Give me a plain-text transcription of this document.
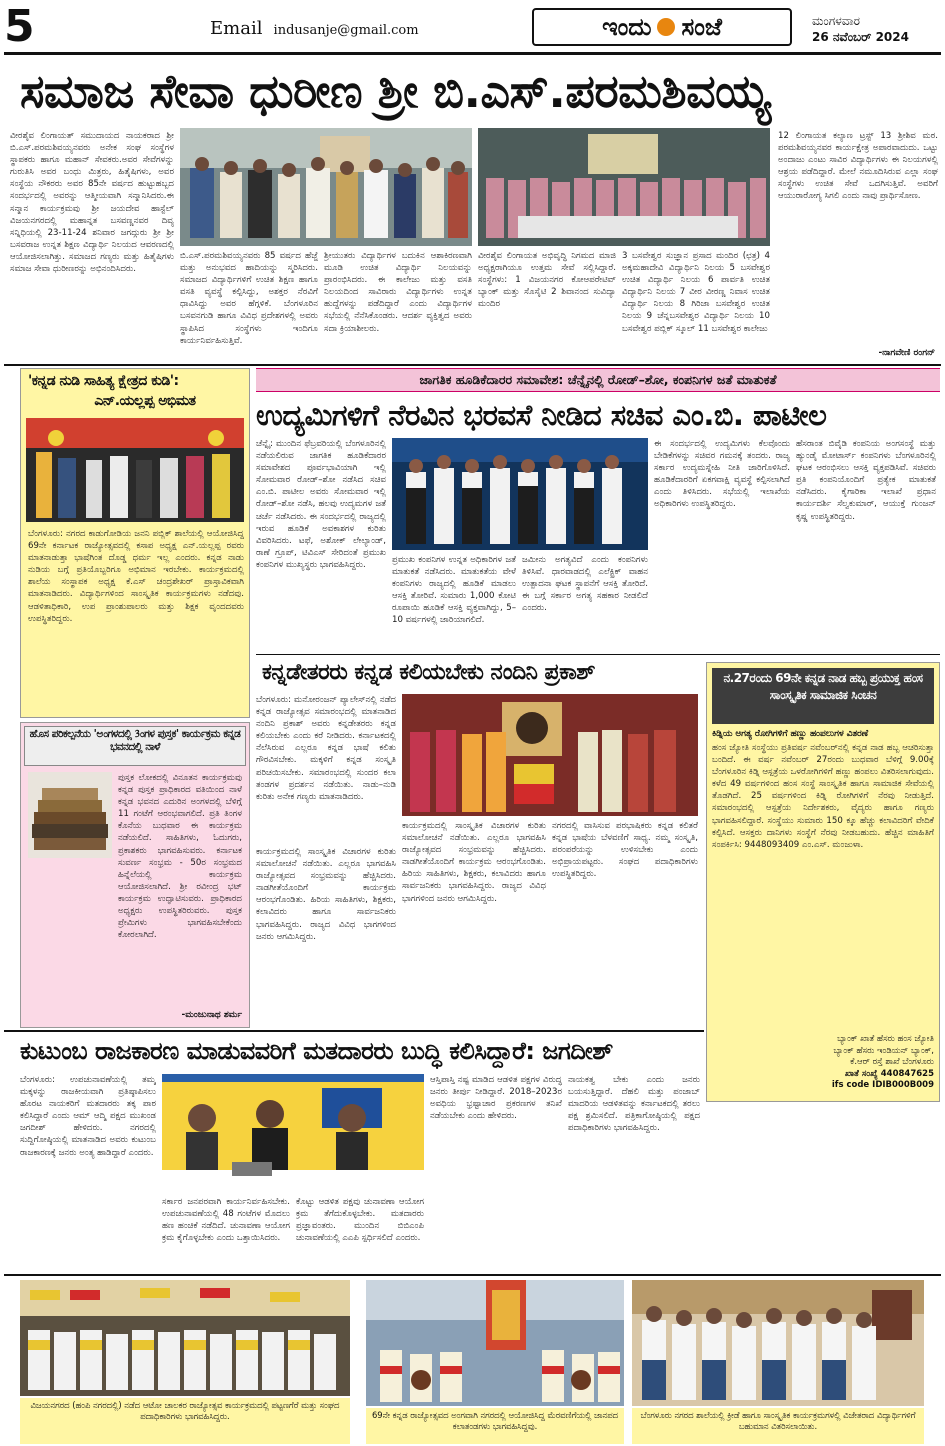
5	Email indusanje@gmail.com	ಇಂದು ಸಂಜೆ	ಮಂಗಳವಾರ
26 ನವೆಂಬರ್ 2024
ಸಮಾಜ ಸೇವಾ ಧುರೀಣ ಶ್ರೀ ಬಿ.ಎಸ್.ಪರಮಶಿವಯ್ಯ
ವೀರಶೈವ ಲಿಂಗಾಯತ್ ಸಮುದಾಯದ ನಾಯಕರಾದ ಶ್ರೀ ಬಿ.ಎಸ್.ಪರಮಶಿವಯ್ಯನವರು ಅನೇಕ ಸಂಘ ಸಂಸ್ಥೆಗಳ ಸ್ಥಾಪಕರು ಹಾಗೂ ಮಹಾನ್ ಸೇವಕರು.ಅವರ ಸೇವೆಗಳನ್ನು ಗುರುತಿಸಿ ಅವರ ಬಂಧು ಮಿತ್ರರು, ಹಿತೈಷಿಗಳು, ಅವರ ಸಂಸ್ಥೆಯ ನೌಕರರು ಅವರ 85ನೇ ವರ್ಷದ ಹುಟ್ಟುಹಬ್ಬದ ಸಂದರ್ಭದಲ್ಲಿ ಅವರನ್ನು ಆತ್ಮೀಯವಾಗಿ ಸನ್ಮಾನಿಸಿದರು.ಈ ಸನ್ಮಾನ ಕಾರ್ಯಕ್ರಮವು ಶ್ರೀ ಜಯದೇವ ಹಾಸ್ಟೆಲ್ ವಿಜಯನಗರದಲ್ಲಿ ಮಹಾನ್ನತ ಬಸವಣ್ಣನವರ ದಿವ್ಯ ಸನ್ನಿಧಿಯಲ್ಲಿ 23-11-24 ಶನಿವಾರ ಜಗದ್ಗುರು ಶ್ರೀ ಶ್ರೀ ಬಸವರಾಜ ಉನ್ನತ ಶಿಕ್ಷಣ ವಿದ್ಯಾರ್ಥಿ ನಿಲಯದ ಆವರಣದಲ್ಲಿ ಆಯೋಜಿಸಲಾಗಿತ್ತು. ಸಮಾಜದ ಗಣ್ಯರು ಮತ್ತು ಹಿತೈಷಿಗಳು ಸಮಾಜ ಸೇವಾ ಧುರೀಣರನ್ನು ಅಭಿನಂದಿಸಿದರು.
12 ಲಿಂಗಾಯತ ಕಲ್ಯಾಣ ಟ್ರಸ್ಟ್ 13 ಶ್ರೀಶಿವ ಮಠ. ಪರಮಶಿವಯ್ಯನವರ ಕಾರ್ಯಕ್ಷೇತ್ರ ಅಪಾರವಾದುದು. ಒಟ್ಟು ಅಂದಾಜು ಎಂಟು ಸಾವಿರ ವಿದ್ಯಾರ್ಥಿಗಳು ಈ ನಿಲಯಗಳಲ್ಲಿ ಆಶ್ರಯ ಪಡೆದಿದ್ದಾರೆ. ಮೇಲೆ ನಮೂದಿಸಿರುವ ಎಲ್ಲಾ ಸಂಘ ಸಂಸ್ಥೆಗಳು ಉಚಿತ ಸೇವೆ ಒದಗಿಸುತ್ತಿವೆ. ಅವರಿಗೆ ಆಯುರಾರೋಗ್ಯ ಸಿಗಲಿ ಎಂದು ನಾವು ಪ್ರಾರ್ಥಿಸೋಣ.
ಬಿ.ಎಸ್.ಪರಮಶಿವಯ್ಯನವರು 85 ವರ್ಷದ ಹೆಜ್ಜೆ ಮತ್ತು ಅನುಭವದ ಹಾದಿಯನ್ನು ಸ್ಮರಿಸಿದರು. ಸಮಾಜದ ವಿದ್ಯಾರ್ಥಿಗಳಿಗೆ ಉಚಿತ ಶಿಕ್ಷಣ ಹಾಗೂ ವಸತಿ ವ್ಯವಸ್ಥೆ ಕಲ್ಪಿಸಿದ್ದು, ಅಶಕ್ತರ ನೆರವಿಗೆ ಧಾವಿಸಿದ್ದು ಅವರ ಹೆಗ್ಗಳಿಕೆ. ಬೆಂಗಳೂರಿನ ಬಸವನಗುಡಿ ಹಾಗೂ ವಿವಿಧ ಪ್ರದೇಶಗಳಲ್ಲಿ ಅವರು ಸ್ಥಾಪಿಸಿದ ಸಂಸ್ಥೆಗಳು ಇಂದಿಗೂ ಕಾರ್ಯನಿರ್ವಹಿಸುತ್ತಿವೆ.
ಶ್ರೀಯುತರು ವಿದ್ಯಾರ್ಥಿಗಳ ಬದುಕಿನ ಆಶಾಕಿರಣವಾಗಿ ಮೂಡಿ ಉಚಿತ ವಿದ್ಯಾರ್ಥಿ ನಿಲಯವನ್ನು ಪ್ರಾರಂಭಿಸಿದರು. ಈ ಕಾಲೇಜು ಮತ್ತು ವಸತಿ ನಿಲಯದಿಂದ ಸಾವಿರಾರು ವಿದ್ಯಾರ್ಥಿಗಳು ಉನ್ನತ ಹುದ್ದೆಗಳನ್ನು ಪಡೆದಿದ್ದಾರೆ ಎಂದು ವಿದ್ಯಾರ್ಥಿಗಳ ಸಭೆಯಲ್ಲಿ ನೆನೆಸಿಕೊಂಡರು. ಆದರ್ಶ ವ್ಯಕ್ತಿತ್ವದ ಅವರು ಸದಾ ಕ್ರಿಯಾಶೀಲರು.
ವೀರಶೈವ ಲಿಂಗಾಯತ ಅಭಿವೃದ್ಧಿ ನಿಗಮದ ಮಾಜಿ ಅಧ್ಯಕ್ಷರಾಗಿಯೂ ಉತ್ತಮ ಸೇವೆ ಸಲ್ಲಿಸಿದ್ದಾರೆ. ಸಂಸ್ಥೆಗಳು: 1 ವಿಜಯನಗರ ಕೋಆಪರೇಟಿವ್ ಬ್ಯಾಂಕ್ ಮತ್ತು ಸೊಸೈಟಿ 2 ಶಿವಾನಂದ ಸುವಿದ್ಯಾ ಮಂದಿರ
3 ಬಸವೇಶ್ವರ ಸುಜ್ಞಾನ ಪ್ರಸಾದ ಮಂದಿರ (ಛತ್ರ) 4 ಅಕ್ಕಮಹಾದೇವಿ ವಿದ್ಯಾರ್ಥಿನಿ ನಿಲಯ 5 ಬಸವೇಶ್ವರ ಉಚಿತ ವಿದ್ಯಾರ್ಥಿ ನಿಲಯ 6 ಪಾರ್ವತಿ ಉಚಿತ ವಿದ್ಯಾರ್ಥಿನಿ ನಿಲಯ 7 ವೀರ ವೀರಣ್ಣ ನಿವಾಸ ಉಚಿತ ವಿದ್ಯಾರ್ಥಿ ನಿಲಯ 8 ಗಿರಿಜಾ ಬಸವೇಶ್ವರ ಉಚಿತ ನಿಲಯ 9 ಚೆನ್ನಬಸವೇಶ್ವರ ವಿದ್ಯಾರ್ಥಿ ನಿಲಯ 10 ಬಸವೇಶ್ವರ ಪಬ್ಲಿಕ್ ಸ್ಕೂಲ್ 11 ಬಸವೇಶ್ವರ ಕಾಲೇಜು
-ನಾಗವೇಣಿ ರಂಗನ್
'ಕನ್ನಡ ನುಡಿ ಸಾಹಿತ್ಯ ಕ್ಷೇತ್ರದ ಕುಡಿ':
ಎನ್.ಯಲ್ಲಪ್ಪ ಅಭಿಮತ
ಬೆಂಗಳೂರು: ನಗರದ ಕಾಡುಗೋಡಿಯ ಜನನಿ ಪಬ್ಲಿಕ್ ಶಾಲೆಯಲ್ಲಿ ಆಯೋಜಿಸಿದ್ದ 69ನೇ ಕರ್ನಾಟಕ ರಾಜ್ಯೋತ್ಸವದಲ್ಲಿ ಕಸಾಪ ಅಧ್ಯಕ್ಷ ಎನ್.ಯಲ್ಲಪ್ಪ ರವರು ಮಾತನಾಡುತ್ತಾ ಭಾಷೆಗಿಂತ ದೊಡ್ಡ ಧರ್ಮ ಇಲ್ಲ ಎಂದರು. ಕನ್ನಡ ನಾಡು ನುಡಿಯ ಬಗ್ಗೆ ಪ್ರತಿಯೊಬ್ಬರಿಗೂ ಅಭಿಮಾನ ಇರಬೇಕು. ಕಾರ್ಯಕ್ರಮದಲ್ಲಿ ಶಾಲೆಯ ಸಂಸ್ಥಾಪಕ ಅಧ್ಯಕ್ಷ ಕೆ.ಎಸ್ ಚಂದ್ರಶೇಖರ್ ಪ್ರಾಸ್ತಾವಿಕವಾಗಿ ಮಾತನಾಡಿದರು. ವಿದ್ಯಾರ್ಥಿಗಳಿಂದ ಸಾಂಸ್ಕೃತಿಕ ಕಾರ್ಯಕ್ರಮಗಳು ನಡೆದವು. ಆಡಳಿತಾಧಿಕಾರಿ, ಉಪ ಪ್ರಾಂಶುಪಾಲರು ಮತ್ತು ಶಿಕ್ಷಕ ವೃಂದದವರು ಉಪಸ್ಥಿತರಿದ್ದರು.
ಜಾಗತಿಕ ಹೂಡಿಕೆದಾರರ ಸಮಾವೇಶ: ಚೆನ್ನೈನಲ್ಲಿ ರೋಡ್–ಶೋ, ಕಂಪನಿಗಳ ಜತೆ ಮಾತುಕತೆ
ಉದ್ಯಮಿಗಳಿಗೆ ನೆರವಿನ ಭರವಸೆ ನೀಡಿದ ಸಚಿವ ಎಂ.ಬಿ. ಪಾಟೀಲ
ಚೆನ್ನೈ: ಮುಂದಿನ ಫೆಬ್ರವರಿಯಲ್ಲಿ ಬೆಂಗಳೂರಿನಲ್ಲಿ ನಡೆಯಲಿರುವ ಜಾಗತಿಕ ಹೂಡಿಕೆದಾರರ ಸಮಾವೇಶದ ಪೂರ್ವಭಾವಿಯಾಗಿ ಇಲ್ಲಿ ಸೋಮವಾರ ರೋಡ್–ಶೋ ನಡೆಸಿದ ಸಚಿವ ಎಂ.ಬಿ. ಪಾಟೀಲ ಅವರು ಸೋಮವಾರ ಇಲ್ಲಿ ರೋಡ್–ಶೋ ನಡೆಸಿ, ಹಲವು ಉದ್ಯಮಗಳ ಜತೆ ಚರ್ಚೆ ನಡೆಸಿದರು. ಈ ಸಂದರ್ಭದಲ್ಲಿ ರಾಜ್ಯದಲ್ಲಿ ಇರುವ ಹೂಡಿಕೆ ಅವಕಾಶಗಳ ಕುರಿತು ವಿವರಿಸಿದರು. ಟಫೆ, ಅಶೋಕ್ ಲೇಲ್ಯಾಂಡ್, ರಾಣೆ ಗ್ರೂಪ್, ಟಿವಿಎಸ್ ಸೇರಿದಂತೆ ಪ್ರಮುಖ ಕಂಪನಿಗಳ ಮುಖ್ಯಸ್ಥರು ಭಾಗವಹಿಸಿದ್ದರು.	ಪ್ರಮುಖ ಕಂಪನಿಗಳ ಉನ್ನತ ಅಧಿಕಾರಿಗಳ ಜತೆ ಮಾತುಕತೆ ನಡೆಸಿದರು. ಮಾತುಕತೆಯ ವೇಳೆ ಕಂಪನಿಗಳು ರಾಜ್ಯದಲ್ಲಿ ಹೂಡಿಕೆ ಮಾಡಲು ಆಸಕ್ತಿ ತೋರಿವೆ. ಸುಮಾರು 1,000 ಕೋಟಿ ರೂಪಾಯಿ ಹೂಡಿಕೆ ಆಸಕ್ತಿ ವ್ಯಕ್ತವಾಗಿದ್ದು, 5–10 ವರ್ಷಗಳಲ್ಲಿ ಜಾರಿಯಾಗಲಿದೆ.
ಜಮೀನು ಅಗತ್ಯವಿದೆ ಎಂದು ಕಂಪನಿಗಳು ತಿಳಿಸಿವೆ. ಧಾರವಾಡದಲ್ಲಿ ಎಲೆಕ್ಟ್ರಿಕ್ ವಾಹನ ಉತ್ಪಾದನಾ ಘಟಕ ಸ್ಥಾಪನೆಗೆ ಆಸಕ್ತಿ ತೋರಿದೆ. ಈ ಬಗ್ಗೆ ಸರ್ಕಾರ ಅಗತ್ಯ ಸಹಕಾರ ನೀಡಲಿದೆ ಎಂದರು.
ಈ ಸಂದರ್ಭದಲ್ಲಿ ಉದ್ಯಮಿಗಳು ಕೆಲವೊಂದು ಬೇಡಿಕೆಗಳನ್ನು ಸಚಿವರ ಗಮನಕ್ಕೆ ತಂದರು. ರಾಜ್ಯ ಸರ್ಕಾರ ಉದ್ಯಮಸ್ನೇಹಿ ನೀತಿ ಜಾರಿಗೊಳಿಸಿದೆ. ಹೂಡಿಕೆದಾರರಿಗೆ ಏಕಗವಾಕ್ಷಿ ವ್ಯವಸ್ಥೆ ಕಲ್ಪಿಸಲಾಗಿದೆ ಎಂದು ತಿಳಿಸಿದರು. ಸಭೆಯಲ್ಲಿ ಇಲಾಖೆಯ ಅಧಿಕಾರಿಗಳು ಉಪಸ್ಥಿತರಿದ್ದರು.
ಹೆಸರಾಂತ ಬಿವೈಡಿ ಕಂಪನಿಯ ಅಂಗಸಂಸ್ಥೆ ಮತ್ತು ಹ್ಯುಂಡೈ ಮೋಟಾರ್ಸ್ ಕಂಪನಿಗಳು ಬೆಂಗಳೂರಿನಲ್ಲಿ ಘಟಕ ಆರಂಭಿಸಲು ಆಸಕ್ತಿ ವ್ಯಕ್ತಪಡಿಸಿವೆ. ಸಚಿವರು ಪ್ರತಿ ಕಂಪನಿಯೊಂದಿಗೆ ಪ್ರತ್ಯೇಕ ಮಾತುಕತೆ ನಡೆಸಿದರು. ಕೈಗಾರಿಕಾ ಇಲಾಖೆ ಪ್ರಧಾನ ಕಾರ್ಯದರ್ಶಿ ಸೆಲ್ವಕುಮಾರ್, ಆಯುಕ್ತೆ ಗುಂಜನ್ ಕೃಷ್ಣ ಉಪಸ್ಥಿತರಿದ್ದರು.
ಕನ್ನಡೇತರರು ಕನ್ನಡ ಕಲಿಯಬೇಕು ನಂದಿನಿ ಪ್ರಕಾಶ್
ಬೆಂಗಳೂರು: ಮನೋರಂಜನ್ ಪ್ಯಾಲೇಸ್‌ನಲ್ಲಿ ನಡೆದ ಕನ್ನಡ ರಾಜ್ಯೋತ್ಸವ ಸಮಾರಂಭದಲ್ಲಿ ಮಾತನಾಡಿದ ನಂದಿನಿ ಪ್ರಕಾಶ್ ಅವರು ಕನ್ನಡೇತರರು ಕನ್ನಡ ಕಲಿಯಬೇಕು ಎಂದು ಕರೆ ನೀಡಿದರು. ಕರ್ನಾಟಕದಲ್ಲಿ ನೆಲೆಸಿರುವ ಎಲ್ಲರೂ ಕನ್ನಡ ಭಾಷೆ ಕಲಿತು ಗೌರವಿಸಬೇಕು. ಮಕ್ಕಳಿಗೆ ಕನ್ನಡ ಸಂಸ್ಕೃತಿ ಪರಿಚಯಿಸಬೇಕು. ಸಮಾರಂಭದಲ್ಲಿ ಸುಂದರ ಕಲಾ ತಂಡಗಳ ಪ್ರದರ್ಶನ ನಡೆಯಿತು. ನಾಡು–ನುಡಿ ಕುರಿತು ಅನೇಕ ಗಣ್ಯರು ಮಾತನಾಡಿದರು.
ಕಾರ್ಯಕ್ರಮದಲ್ಲಿ ಸಾಂಸ್ಕೃತಿಕ ವಿಚಾರಗಳ ಕುರಿತು ಸಮಾಲೋಚನೆ ನಡೆಯಿತು. ಎಲ್ಲರೂ ಭಾಗವಹಿಸಿ ರಾಜ್ಯೋತ್ಸವದ ಸಂಭ್ರಮವನ್ನು ಹೆಚ್ಚಿಸಿದರು. ನಾಡಗೀತೆಯೊಂದಿಗೆ ಕಾರ್ಯಕ್ರಮ ಆರಂಭಗೊಂಡಿತು. ಹಿರಿಯ ಸಾಹಿತಿಗಳು, ಶಿಕ್ಷಕರು, ಕಲಾವಿದರು ಹಾಗೂ ಸಾರ್ವಜನಿಕರು ಭಾಗವಹಿಸಿದ್ದರು. ರಾಜ್ಯದ ವಿವಿಧ ಭಾಗಗಳಿಂದ ಜನರು ಆಗಮಿಸಿದ್ದರು.
ನಗರದಲ್ಲಿ ವಾಸಿಸುವ ಪರಭಾಷಿಕರು ಕನ್ನಡ ಕಲಿತರೆ ಕನ್ನಡ ಭಾಷೆಯ ಬೆಳವಣಿಗೆ ಸಾಧ್ಯ. ನಮ್ಮ ಸಂಸ್ಕೃತಿ, ಪರಂಪರೆಯನ್ನು ಉಳಿಸಬೇಕು ಎಂದು ಅಭಿಪ್ರಾಯಪಟ್ಟರು. ಸಂಘದ ಪದಾಧಿಕಾರಿಗಳು ಉಪಸ್ಥಿತರಿದ್ದರು.
ಕಾರ್ಯಕ್ರಮದಲ್ಲಿ ಸಾಂಸ್ಕೃತಿಕ ವಿಚಾರಗಳ ಕುರಿತು ಸಮಾಲೋಚನೆ ನಡೆಯಿತು. ಎಲ್ಲರೂ ಭಾಗವಹಿಸಿ ರಾಜ್ಯೋತ್ಸವದ ಸಂಭ್ರಮವನ್ನು ಹೆಚ್ಚಿಸಿದರು. ನಾಡಗೀತೆಯೊಂದಿಗೆ ಕಾರ್ಯಕ್ರಮ ಆರಂಭಗೊಂಡಿತು. ಹಿರಿಯ ಸಾಹಿತಿಗಳು, ಶಿಕ್ಷಕರು, ಕಲಾವಿದರು ಹಾಗೂ ಸಾರ್ವಜನಿಕರು ಭಾಗವಹಿಸಿದ್ದರು. ರಾಜ್ಯದ ವಿವಿಧ ಭಾಗಗಳಿಂದ ಜನರು ಆಗಮಿಸಿದ್ದರು.
ನ.27ರಂದು 69ನೇ ಕನ್ನಡ ನಾಡ ಹಬ್ಬ ಪ್ರಯುಕ್ತ ಹಂಸ ಸಾಂಸ್ಕೃತಿಕ ಸಾಮಾಜಿಕ ಸಿಂಚನ
ಕಿಡ್ನಿಯ ಅಗತ್ಯ ರೋಗಿಗಳಿಗೆ ಹಣ್ಣು ಹಂಪಲುಗಳ ವಿತರಣೆ
ಹಂಸ ಜ್ಯೋತಿ ಸಂಸ್ಥೆಯು ಪ್ರತಿವರ್ಷ ನವೆಂಬರ್‌ನಲ್ಲಿ ಕನ್ನಡ ನಾಡ ಹಬ್ಬ ಆಚರಿಸುತ್ತಾ ಬಂದಿದೆ. ಈ ವರ್ಷ ನವೆಂಬರ್ 27ರಂದು ಬುಧವಾರ ಬೆಳಿಗ್ಗೆ 9.00ಕ್ಕೆ ಬೆಂಗಳೂರಿನ ಕಿಡ್ನಿ ಆಸ್ಪತ್ರೆಯ ಒಳರೋಗಿಗಳಿಗೆ ಹಣ್ಣು ಹಂಪಲು ವಿತರಿಸಲಾಗುವುದು. ಕಳೆದ 49 ವರ್ಷಗಳಿಂದ ಹಂಸ ಸಂಸ್ಥೆ ಸಾಂಸ್ಕೃತಿಕ ಹಾಗೂ ಸಾಮಾಜಿಕ ಸೇವೆಯಲ್ಲಿ ತೊಡಗಿದೆ. 25 ವರ್ಷಗಳಿಂದ ಕಿಡ್ನಿ ರೋಗಿಗಳಿಗೆ ನೆರವು ನೀಡುತ್ತಿದೆ. ಸಮಾರಂಭದಲ್ಲಿ ಆಸ್ಪತ್ರೆಯ ನಿರ್ದೇಶಕರು, ವೈದ್ಯರು ಹಾಗೂ ಗಣ್ಯರು ಭಾಗವಹಿಸಲಿದ್ದಾರೆ. ಸಂಸ್ಥೆಯು ಸುಮಾರು 150 ಕ್ಕೂ ಹೆಚ್ಚು ಕಲಾವಿದರಿಗೆ ವೇದಿಕೆ ಕಲ್ಪಿಸಿದೆ. ಆಸಕ್ತರು ದಾನಿಗಳು ಸಂಸ್ಥೆಗೆ ನೆರವು ನೀಡಬಹುದು. ಹೆಚ್ಚಿನ ಮಾಹಿತಿಗೆ ಸಂಪರ್ಕಿಸಿ: 9448093409 ಎಂ.ಎಸ್. ಮಂಜುಳಾ.
ಬ್ಯಾಂಕ್ ಖಾತೆ ಹೆಸರು ಹಂಸ ಜ್ಯೋತಿ
ಬ್ಯಾಂಕ್ ಹೆಸರು ಇಂಡಿಯನ್ ಬ್ಯಾಂಕ್,
ಕೆ.ಆರ್ ರಸ್ತೆ ಶಾಖೆ ಬೆಂಗಳೂರು
ಖಾತೆ ಸಂಖ್ಯೆ 440847625
ifs code IDIB000B009
ಹೊಸ ಪರಿಕಲ್ಪನೆಯ 'ಅಂಗಳದಲ್ಲಿ 3ಂಗಳ ಪುಸ್ತಕ' ಕಾರ್ಯಕ್ರಮ ಕನ್ನಡ ಭವನದಲ್ಲಿ ನಾಳೆ
ಪುಸ್ತಕ ಲೋಕದಲ್ಲಿ ವಿನೂತನ ಕಾರ್ಯಕ್ರಮವು ಕನ್ನಡ ಪುಸ್ತಕ ಪ್ರಾಧಿಕಾರದ ವತಿಯಿಂದ ನಾಳೆ ಕನ್ನಡ ಭವನದ ಎದುರಿನ ಅಂಗಳದಲ್ಲಿ ಬೆಳಿಗ್ಗೆ 11 ಗಂಟೆಗೆ ಆರಂಭವಾಗಲಿದೆ. ಪ್ರತಿ ತಿಂಗಳ ಕೊನೆಯ ಬುಧವಾರ ಈ ಕಾರ್ಯಕ್ರಮ ನಡೆಯಲಿದೆ. ಸಾಹಿತಿಗಳು, ಓದುಗರು, ಪ್ರಕಾಶಕರು ಭಾಗವಹಿಸುವರು. ಕರ್ನಾಟಕ ಸುವರ್ಣ ಸಂಭ್ರಮ - 50ರ ಸಂಭ್ರಮದ ಹಿನ್ನೆಲೆಯಲ್ಲಿ ಕಾರ್ಯಕ್ರಮ ಆಯೋಜಿಸಲಾಗಿದೆ. ಶ್ರೀ ರವೀಂದ್ರ ಭಟ್ ಕಾರ್ಯಕ್ರಮ ಉದ್ಘಾಟಿಸುವರು. ಪ್ರಾಧಿಕಾರದ ಅಧ್ಯಕ್ಷರು ಉಪಸ್ಥಿತರಿರುವರು. ಪುಸ್ತಕ ಪ್ರೇಮಿಗಳು ಭಾಗವಹಿಸಬೇಕೆಂದು ಕೋರಲಾಗಿದೆ.
-ಮಂಜುನಾಥ ಶರ್ಮ
ಕುಟುಂಬ ರಾಜಕಾರಣ ಮಾಡುವವರಿಗೆ ಮತದಾರರು ಬುದ್ಧಿ ಕಲಿಸಿದ್ದಾರೆ: ಜಗದೀಶ್
ಬೆಂಗಳೂರು: ಉಪಚುನಾವಣೆಯಲ್ಲಿ ತಮ್ಮ ಮಕ್ಕಳನ್ನು ರಾಜಕೀಯವಾಗಿ ಪ್ರತಿಷ್ಠಾಪಿಸಲು ಹೊರಟ ನಾಯಕರಿಗೆ ಮತದಾರರು ತಕ್ಕ ಪಾಠ ಕಲಿಸಿದ್ದಾರೆ ಎಂದು ಆಮ್ ಆದ್ಮಿ ಪಕ್ಷದ ಮುಖಂಡ ಜಗದೀಶ್ ಹೇಳಿದರು. ನಗರದಲ್ಲಿ ಸುದ್ದಿಗೋಷ್ಠಿಯಲ್ಲಿ ಮಾತನಾಡಿದ ಅವರು ಕುಟುಂಬ ರಾಜಕಾರಣಕ್ಕೆ ಜನರು ಅಂತ್ಯ ಹಾಡಿದ್ದಾರೆ ಎಂದರು.
ಸರ್ಕಾರ ಜನಪರವಾಗಿ ಕಾರ್ಯನಿರ್ವಹಿಸಬೇಕು. ಉಪಚುನಾವಣೆಯಲ್ಲಿ 48 ಗಂಟೆಗಳ ಮೊದಲು ಹಣ ಹಂಚಿಕೆ ನಡೆದಿದೆ. ಚುನಾವಣಾ ಆಯೋಗ ಕ್ರಮ ಕೈಗೊಳ್ಳಬೇಕು ಎಂದು ಒತ್ತಾಯಿಸಿದರು.
ಕೊಟ್ಟು ಆಡಳಿತ ಪಕ್ಷವು ಚುನಾವಣಾ ಆಯೋಗ ಕ್ರಮ ತೆಗೆದುಕೊಳ್ಳಬೇಕು. ಮತದಾರರು ಪ್ರಜ್ಞಾವಂತರು. ಮುಂದಿನ ಬಿಬಿಎಂಪಿ ಚುನಾವಣೆಯಲ್ಲಿ ಎಎಪಿ ಸ್ಪರ್ಧಿಸಲಿದೆ ಎಂದರು.
ಆಸ್ತಿಪಾಸ್ತಿ ನಷ್ಟ ಮಾಡಿದ ಆಡಳಿತ ಪಕ್ಷಗಳ ವಿರುದ್ಧ ಜನರು ತೀರ್ಪು ನೀಡಿದ್ದಾರೆ. 2018–2023ರ ಅವಧಿಯ ಭ್ರಷ್ಟಾಚಾರ ಪ್ರಕರಣಗಳ ತನಿಖೆ ನಡೆಯಬೇಕು ಎಂದು ಹೇಳಿದರು.
ನಾಯಕತ್ವ ಬೇಕು ಎಂದು ಜನರು ಬಯಸುತ್ತಿದ್ದಾರೆ. ದೆಹಲಿ ಮತ್ತು ಪಂಜಾಬ್ ಮಾದರಿಯ ಆಡಳಿತವನ್ನು ಕರ್ನಾಟಕದಲ್ಲಿ ತರಲು ಪಕ್ಷ ಶ್ರಮಿಸಲಿದೆ. ಪತ್ರಿಕಾಗೋಷ್ಠಿಯಲ್ಲಿ ಪಕ್ಷದ ಪದಾಧಿಕಾರಿಗಳು ಭಾಗವಹಿಸಿದ್ದರು.
ವಿಜಯನಗರದ (ಹಂಪಿ ನಗರದಲ್ಲಿ) ನಡೆದ ಆಟೋ ಚಾಲಕರ ರಾಜ್ಯೋತ್ಸವ ಕಾರ್ಯಕ್ರಮದಲ್ಲಿ ಪಟ್ಟಣಗೆರೆ ಮತ್ತು ಸಂಘದ ಪದಾಧಿಕಾರಿಗಳು ಭಾಗವಹಿಸಿದ್ದರು.	69ನೇ ಕನ್ನಡ ರಾಜ್ಯೋತ್ಸವದ ಅಂಗವಾಗಿ ನಗರದಲ್ಲಿ ಆಯೋಜಿಸಿದ್ದ ಮೆರವಣಿಗೆಯಲ್ಲಿ ಜಾನಪದ ಕಲಾತಂಡಗಳು ಭಾಗವಹಿಸಿದ್ದವು.
ಬೆಂಗಳೂರು ನಗರದ ಶಾಲೆಯಲ್ಲಿ ಕ್ರೀಡೆ ಹಾಗೂ ಸಾಂಸ್ಕೃತಿಕ ಕಾರ್ಯಕ್ರಮಗಳಲ್ಲಿ ವಿಜೇತರಾದ ವಿದ್ಯಾರ್ಥಿಗಳಿಗೆ ಬಹುಮಾನ ವಿತರಿಸಲಾಯಿತು.
